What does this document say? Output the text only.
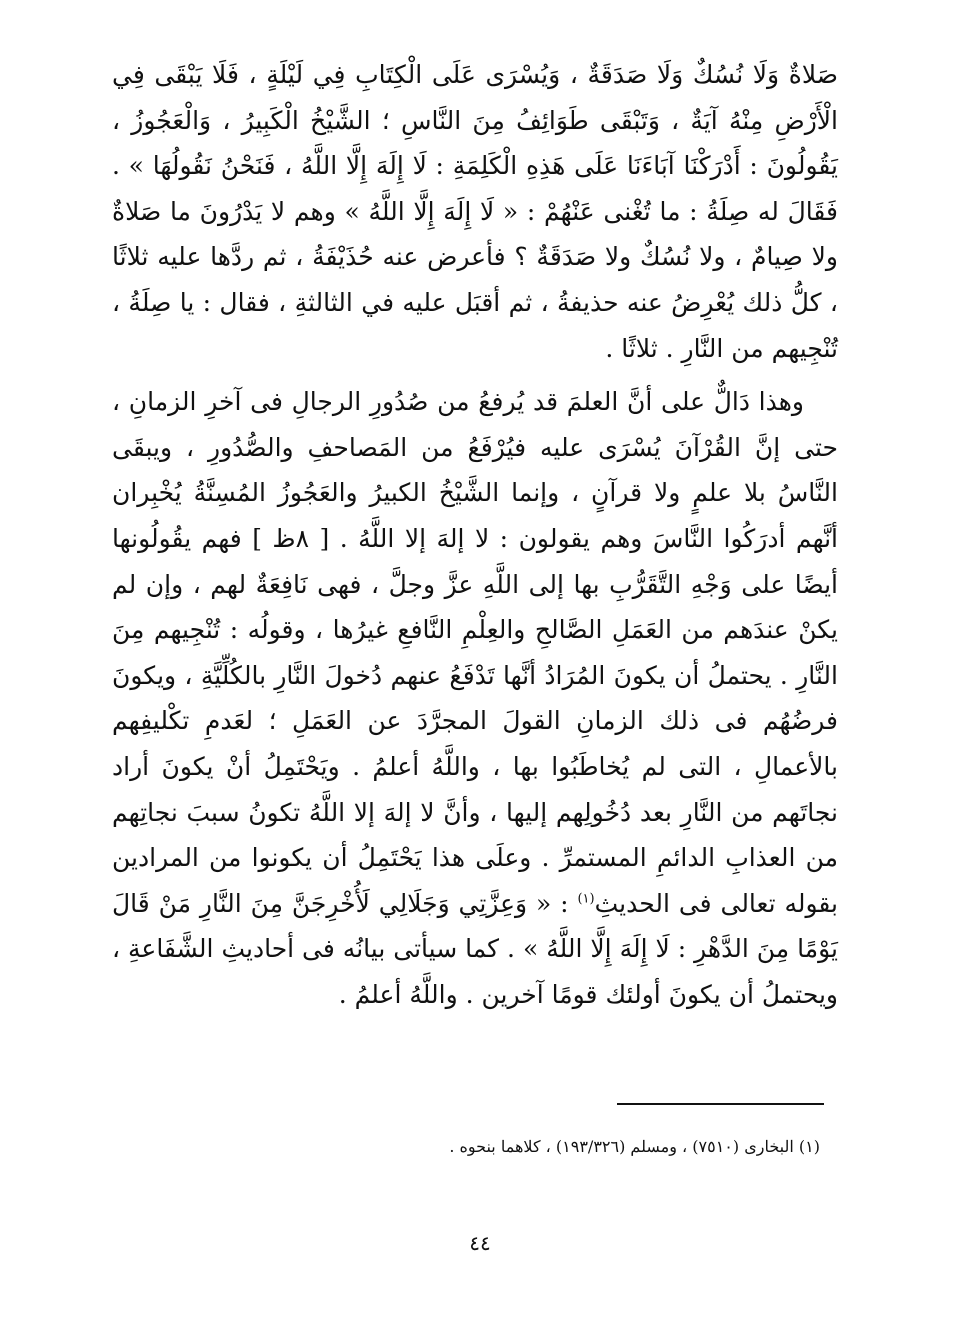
صَلاةٌ وَلَا نُسُكٌ وَلَا صَدَقَةٌ ، وَيُسْرَى عَلَى الْكِتَابِ فِي لَيْلَةٍ ، فَلَا يَبْقَى فِي الْأَرْضِ مِنْهُ آيَةٌ ، وَتَبْقَى طَوَائِفُ مِنَ النَّاسِ ؛ الشَّيْخُ الْكَبِيرُ ، وَالْعَجُوزُ ، يَقُولُونَ : أَدْرَكْنَا آبَاءَنَا عَلَى هَذِهِ الْكَلِمَةِ : لَا إِلَهَ إِلَّا اللَّهُ ، فَنَحْنُ نَقُولُهَا » . فَقَالَ له صِلَةُ : ما تُغْنى عَنْهُمْ : « لَا إِلَهَ إِلَّا اللَّهُ » وهم لا يَدْرُونَ ما صَلاةٌ ولا صِيامٌ ، ولا نُسُكٌ ولا صَدَقَةٌ ؟ فأعرض عنه حُذَيْفَةُ ، ثم ردَّها عليه ثلاثًا ، كلُّ ذلك يُعْرِضُ عنه حذيفةُ ، ثم أقبَل عليه في الثالثةِ ، فقال : يا صِلَةُ ، تُنْجِيهم من النَّارِ . ثلاثًا .

وهذا دَالٌّ على أنَّ العلمَ قد يُرفعُ من صُدُورِ الرجالِ فى آخرِ الزمانِ ، حتى إنَّ القُرْآنَ يُسْرَى عليه فيُرْفَعُ من المَصاحفِ والصُّدُورِ ، ويبقَى النَّاسُ بلا علمٍ ولا قرآنٍ ، وإنما الشَّيْخُ الكبيرُ والعَجُوزُ المُسِنَّةُ يُخْبِران أنَّهم أدرَكُوا النَّاسَ وهم يقولون : لا إلهَ إلا اللَّهُ . [ ٨ظ ] فهم يقُولُونها أيضًا على وَجْهِ التَّقَرُّبِ بها إلى اللَّهِ عزَّ وجلَّ ، فهى نَافِعَةٌ لهم ، وإن لم يكنْ عندَهم من العَمَلِ الصَّالحِ والعِلْمِ النَّافعِ غيرُها ، وقولُه : تُنْجِيهم مِنَ النَّارِ . يحتملُ أن يكونَ المُرَادُ أنَّها تَدْفَعُ عنهم دُخولَ النَّارِ بالكُلِّيَّةِ ، ويكونَ فرضُهُم فى ذلك الزمانِ القولَ المجرَّدَ عن العَمَلِ ؛ لعَدمِ تكْليفِهم بالأعمالِ ، التى لم يُخاطَبُوا بها ، واللَّهُ أعلمُ . ويَحْتَمِلُ أنْ يكونَ أراد نجاتَهم من النَّارِ بعد دُخُولِهم إليها ، وأنَّ لا إلهَ إلا اللَّهُ تكونُ سببَ نجاتِهم من العذابِ الدائمِ المستمرِّ . وعلَى هذا يَحْتَمِلُ أن يكونوا من المرادين بقوله تعالى فى الحديثِ$^{(١)}$ : « وَعِزَّتِي وَجَلَالِي لَأُخْرِجَنَّ مِنَ النَّارِ مَنْ قَالَ يَوْمًا مِنَ الدَّهْرِ : لَا إِلَهَ إِلَّا اللَّهُ » . كما سيأتى بيانُه فى أحاديثِ الشَّفَاعةِ ، ويحتملُ أن يكونَ أولئك قومًا آخرين . واللَّهُ أعلمُ .

(١) البخارى (٧٥١٠) ، ومسلم (١٩٣/٣٢٦) ، كلاهما بنحوه .
٤٤
